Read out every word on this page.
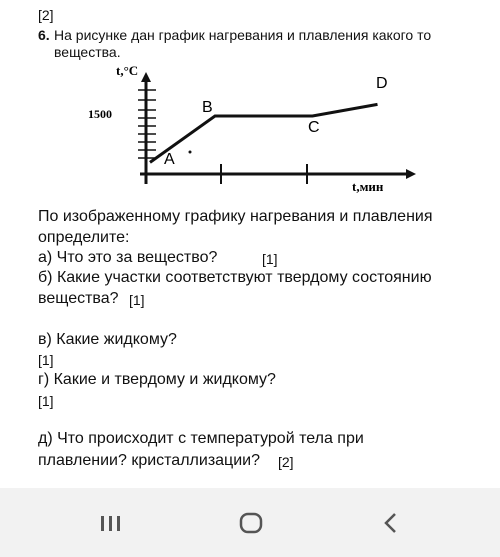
[2]
6. На рисунке дан график нагревания и плавления какого то вещества.
t,°C
1500
t,мин
A
B
C
D
По изображенному графику нагревания и плавления
определите:
а) Что это за вещество?	[1]
б) Какие участки соответствуют твердому состоянию
вещества? [1]
в) Какие жидкому?
[1]
г) Какие и твердому и жидкому?
[1]
д) Что происходит с температурой тела при
плавлении? кристаллизации? [2]
